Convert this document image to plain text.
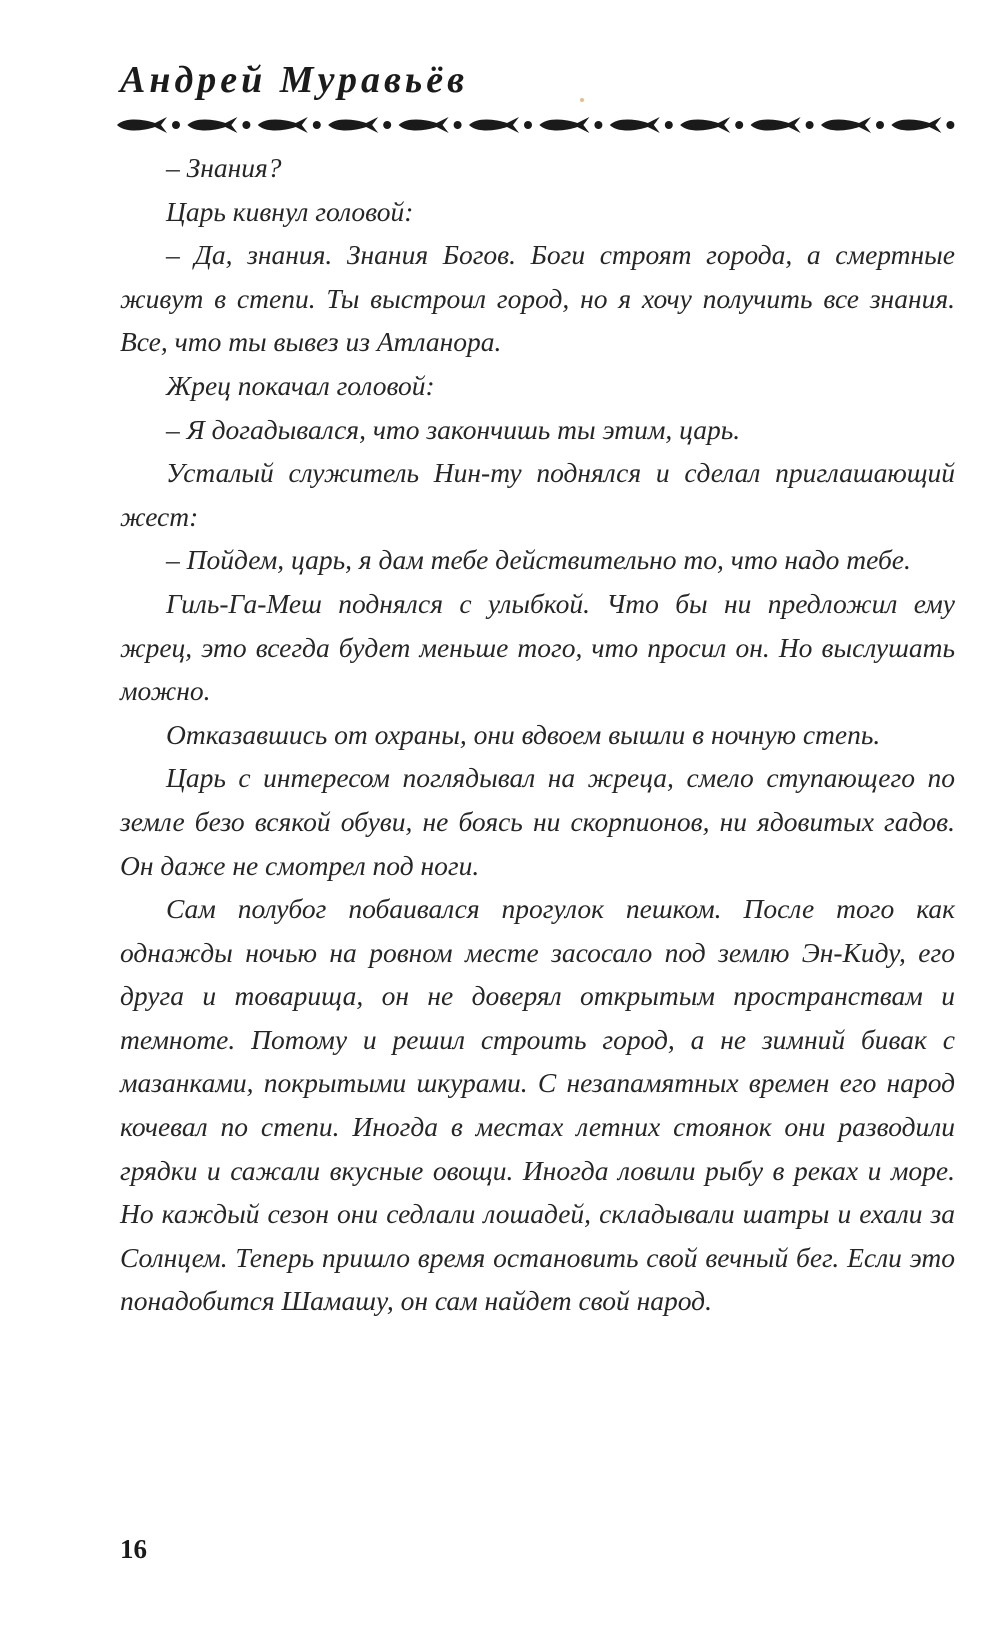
Андрей Муравьёв

– Знания?

Царь кивнул головой:

– Да, знания. Знания Богов. Боги строят города, а смертные живут в степи. Ты выстроил город, но я хочу получить все знания. Все, что ты вывез из Атланора.

Жрец покачал головой:

– Я догадывался, что закончишь ты этим, царь.

Усталый служитель Нин-ту поднялся и сделал приглашающий жест:

– Пойдем, царь, я дам тебе действительно то, что надо тебе.

Гиль-Га-Меш поднялся с улыбкой. Что бы ни предложил ему жрец, это всегда будет меньше того, что просил он. Но выслушать можно.

Отказавшись от охраны, они вдвоем вышли в ночную степь.

Царь с интересом поглядывал на жреца, смело ступающего по земле безо всякой обуви, не боясь ни скорпионов, ни ядовитых гадов. Он даже не смотрел под ноги.

Сам полубог побаивался прогулок пешком. После того как однажды ночью на ровном месте засосало под землю Эн-Киду, его друга и товарища, он не доверял открытым пространствам и темноте. Потому и решил строить город, а не зимний бивак с мазанками, покрытыми шкурами. С незапамятных времен его народ кочевал по степи. Иногда в местах летних стоянок они разводили грядки и сажали вкусные овощи. Иногда ловили рыбу в реках и море. Но каждый сезон они седлали лошадей, складывали шатры и ехали за Солнцем. Теперь пришло время остановить свой вечный бег. Если это понадобится Шамашу, он сам найдет свой народ.

16
